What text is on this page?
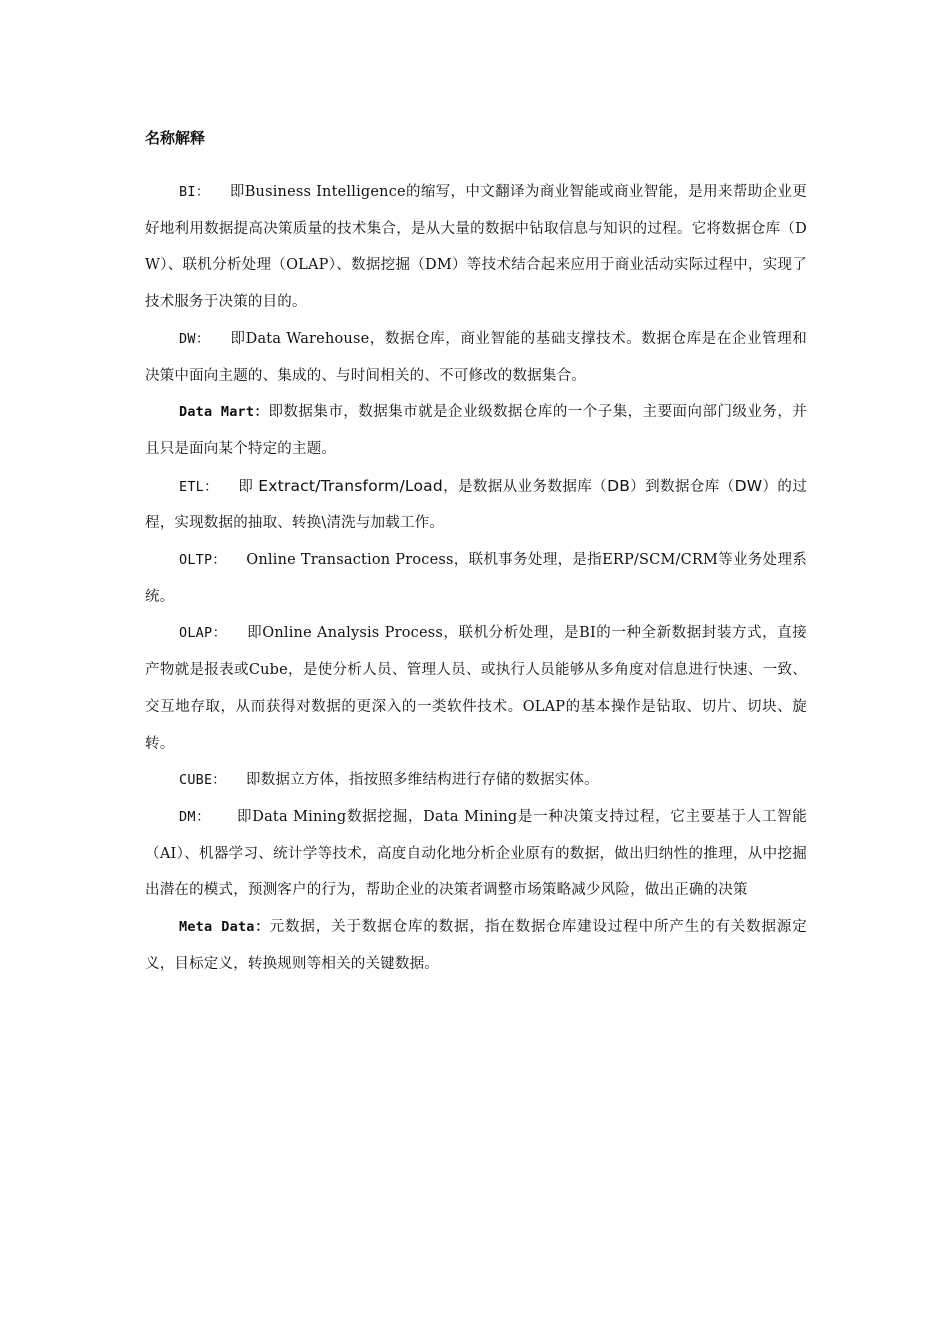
名称解释

BI： 即Business Intelligence的缩写，中文翻译为商业智能或商业智能，是用来帮助企业更好地利用数据提高决策质量的技术集合，是从大量的数据中钻取信息与知识的过程。它将数据仓库（DW）、联机分析处理（OLAP）、数据挖掘（DM）等技术结合起来应用于商业活动实际过程中，实现了技术服务于决策的目的。

DW： 即Data Warehouse，数据仓库，商业智能的基础支撑技术。数据仓库是在企业管理和决策中面向主题的、集成的、与时间相关的、不可修改的数据集合。

Data Mart：即数据集市，数据集市就是企业级数据仓库的一个子集，主要面向部门级业务，并且只是面向某个特定的主题。

ETL： 即 Extract/Transform/Load，是数据从业务数据库（DB）到数据仓库（DW）的过程，实现数据的抽取、转换\清洗与加载工作。

OLTP： Online Transaction Process，联机事务处理，是指ERP/SCM/CRM等业务处理系统。

OLAP： 即Online Analysis Process，联机分析处理，是BI的一种全新数据封装方式，直接产物就是报表或Cube，是使分析人员、管理人员、或执行人员能够从多角度对信息进行快速、一致、交互地存取，从而获得对数据的更深入的一类软件技术。OLAP的基本操作是钻取、切片、切块、旋转。

CUBE： 即数据立方体，指按照多维结构进行存储的数据实体。

DM： 即Data Mining数据挖掘，Data Mining是一种决策支持过程，它主要基于人工智能（AI）、机器学习、统计学等技术，高度自动化地分析企业原有的数据，做出归纳性的推理，从中挖掘出潜在的模式，预测客户的行为，帮助企业的决策者调整市场策略减少风险，做出正确的决策

Meta Data：元数据，关于数据仓库的数据，指在数据仓库建设过程中所产生的有关数据源定义，目标定义，转换规则等相关的关键数据。
